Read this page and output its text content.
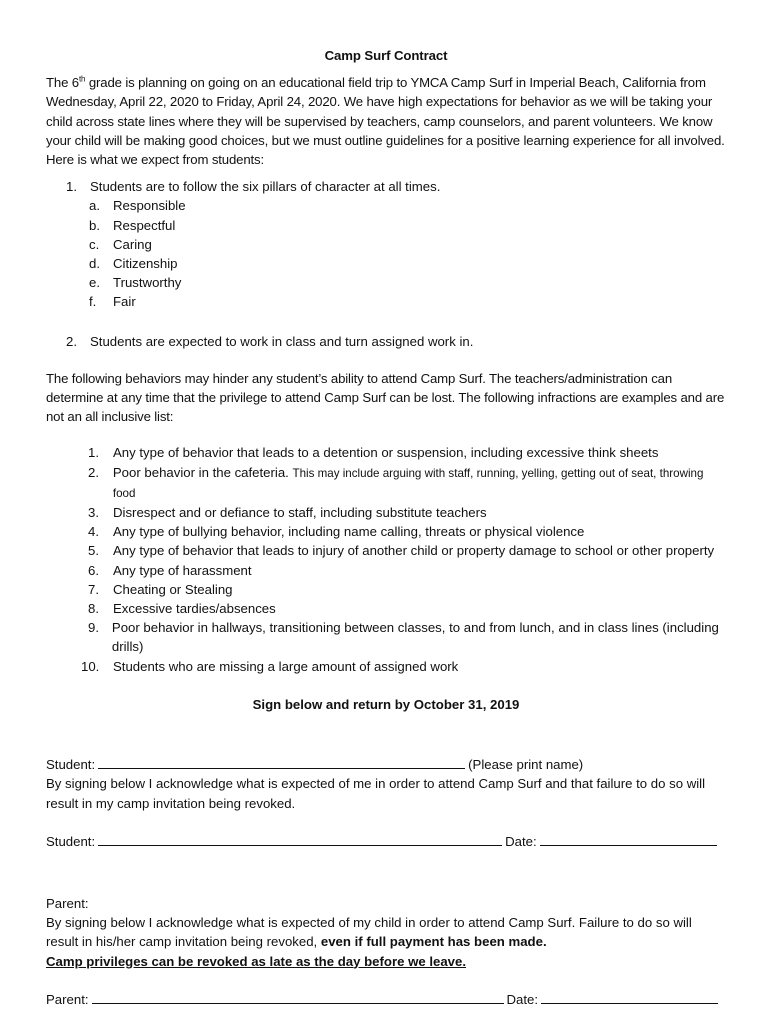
Camp Surf Contract

The 6th grade is planning on going on an educational field trip to YMCA Camp Surf in Imperial Beach, California from Wednesday, April 22, 2020 to Friday, April 24, 2020. We have high expectations for behavior as we will be taking your child across state lines where they will be supervised by teachers, camp counselors, and parent volunteers. We know your child will be making good choices, but we must outline guidelines for a positive learning experience for all involved. Here is what we expect from students:

1. Students are to follow the six pillars of character at all times.
a. Responsible
b. Respectful
c.	Caring
d. Citizenship
e. Trustworthy
f.	Fair
2. Students are expected to work in class and turn assigned work in.

The following behaviors may hinder any student’s ability to attend Camp Surf. The teachers/administration can determine at any time that the privilege to attend Camp Surf can be lost. The following infractions are examples and are not an all inclusive list:

1.	Any type of behavior that leads to a detention or suspension, including excessive think sheets
2.	Poor behavior in the cafeteria. This may include arguing with staff, running, yelling, getting out of seat, throwing food
3.	Disrespect and or defiance to staff, including substitute teachers
4.	Any type of bullying behavior, including name calling, threats or physical violence
5.	Any type of behavior that leads to injury of another child or property damage to school or other property
6.	Any type of harassment
7.	Cheating or Stealing
8.	Excessive tardies/absences
9. Poor behavior in hallways, transitioning between classes, to and from lunch, and in class lines (including drills)
10.	Students who are missing a large amount of assigned work
Sign below and return by October 31, 2019
Student:	(Please print name)

By signing below I acknowledge what is expected of me in order to attend Camp Surf and that failure to do so will result in my camp invitation being revoked.

Student:	Date:

Parent:

By signing below I acknowledge what is expected of my child in order to attend Camp Surf. Failure to do so will result in his/her camp invitation being revoked, even if full payment has been made.

Camp privileges can be revoked as late as the day before we leave.

Parent:	Date:
